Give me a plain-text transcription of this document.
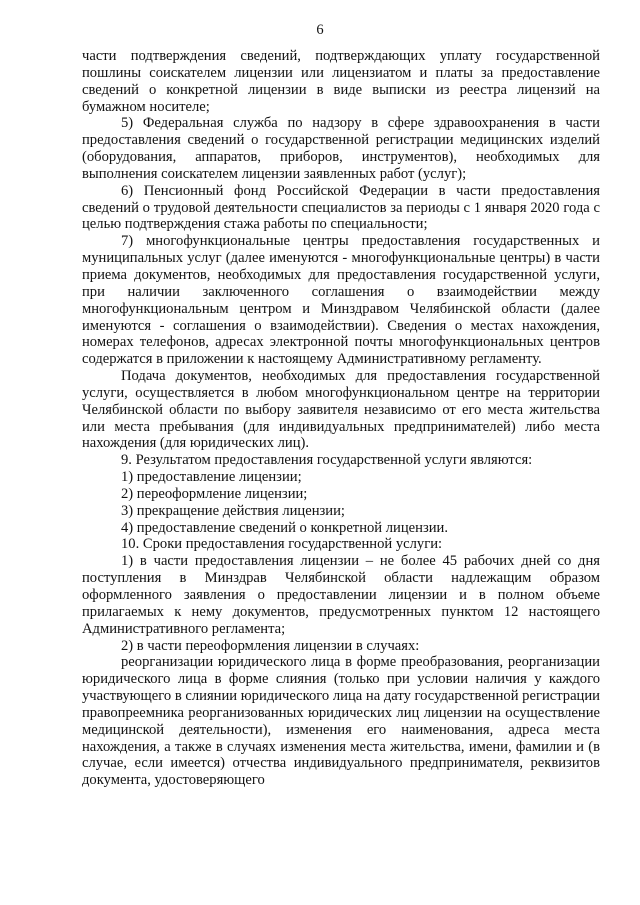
6

части подтверждения сведений, подтверждающих уплату государственной пошлины соискателем лицензии или лицензиатом и платы за предоставление сведений о конкретной лицензии в виде выписки из реестра лицензий на бумажном носителе;

5) Федеральная служба по надзору в сфере здравоохранения в части предоставления сведений о государственной регистрации медицинских изделий (оборудования, аппаратов, приборов, инструментов), необходимых для выполнения соискателем лицензии заявленных работ (услуг);

6) Пенсионный фонд Российской Федерации в части предоставления сведений о трудовой деятельности специалистов за периоды с 1 января 2020 года с целью подтверждения стажа работы по специальности;

7) многофункциональные центры предоставления государственных и муниципальных услуг (далее именуются - многофункциональные центры) в части приема документов, необходимых для предоставления государственной услуги, при наличии заключенного соглашения о взаимодействии между многофункциональным центром и Минздравом Челябинской области (далее именуются - соглашения о взаимодействии). Сведения о местах нахождения, номерах телефонов, адресах электронной почты многофункциональных центров содержатся в приложении к настоящему Административному регламенту.

Подача документов, необходимых для предоставления государственной услуги, осуществляется в любом многофункциональном центре на территории Челябинской области по выбору заявителя независимо от его места жительства или места пребывания (для индивидуальных предпринимателей) либо места нахождения (для юридических лиц).

9. Результатом предоставления государственной услуги являются:

1) предоставление лицензии;

2) переоформление лицензии;

3) прекращение действия лицензии;

4) предоставление сведений о конкретной лицензии.

10. Сроки предоставления государственной услуги:

1) в части предоставления лицензии – не более 45 рабочих дней со дня поступления в Минздрав Челябинской области надлежащим образом оформленного заявления о предоставлении лицензии и в полном объеме прилагаемых к нему документов, предусмотренных пунктом 12 настоящего Административного регламента;

2) в части переоформления лицензии в случаях:

реорганизации юридического лица в форме преобразования, реорганизации юридического лица в форме слияния (только при условии наличия у каждого участвующего в слиянии юридического лица на дату государственной регистрации правопреемника реорганизованных юридических лиц лицензии на осуществление медицинской деятельности), изменения его наименования, адреса места нахождения, а также в случаях изменения места жительства, имени, фамилии и (в случае, если имеется) отчества индивидуального предпринимателя, реквизитов документа, удостоверяющего
